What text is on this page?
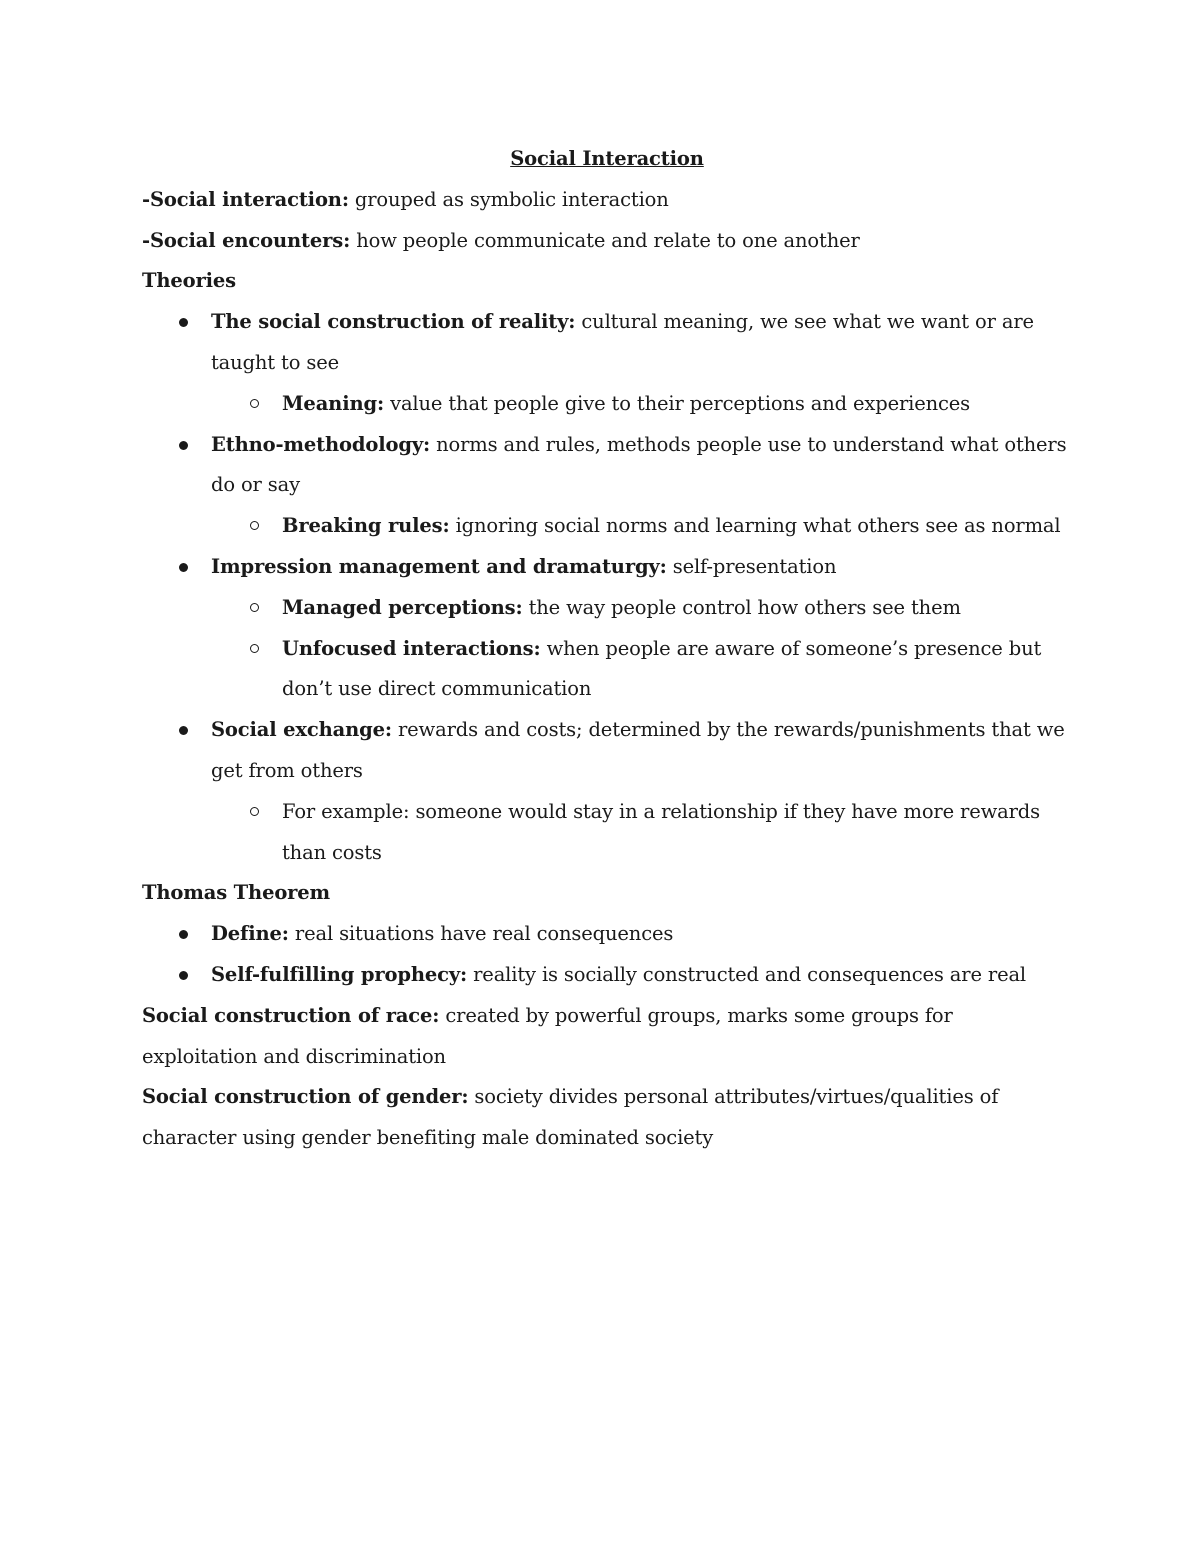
Social Interaction

-Social interaction: grouped as symbolic interaction

-Social encounters: how people communicate and relate to one another

Theories

The social construction of reality: cultural meaning, we see what we want or are taught to see
Meaning: value that people give to their perceptions and experiences
Ethno-methodology: norms and rules, methods people use to understand what others do or say
Breaking rules: ignoring social norms and learning what others see as normal
Impression management and dramaturgy: self-presentation
Managed perceptions: the way people control how others see them
Unfocused interactions: when people are aware of someone’s presence but don’t use direct communication
Social exchange: rewards and costs; determined by the rewards/punishments that we get from others
For example: someone would stay in a relationship if they have more rewards than costs

Thomas Theorem

Define: real situations have real consequences
Self-fulfilling prophecy: reality is socially constructed and consequences are real

Social construction of race: created by powerful groups, marks some groups for exploitation and discrimination

Social construction of gender: society divides personal attributes/virtues/qualities of character using gender benefiting male dominated society
